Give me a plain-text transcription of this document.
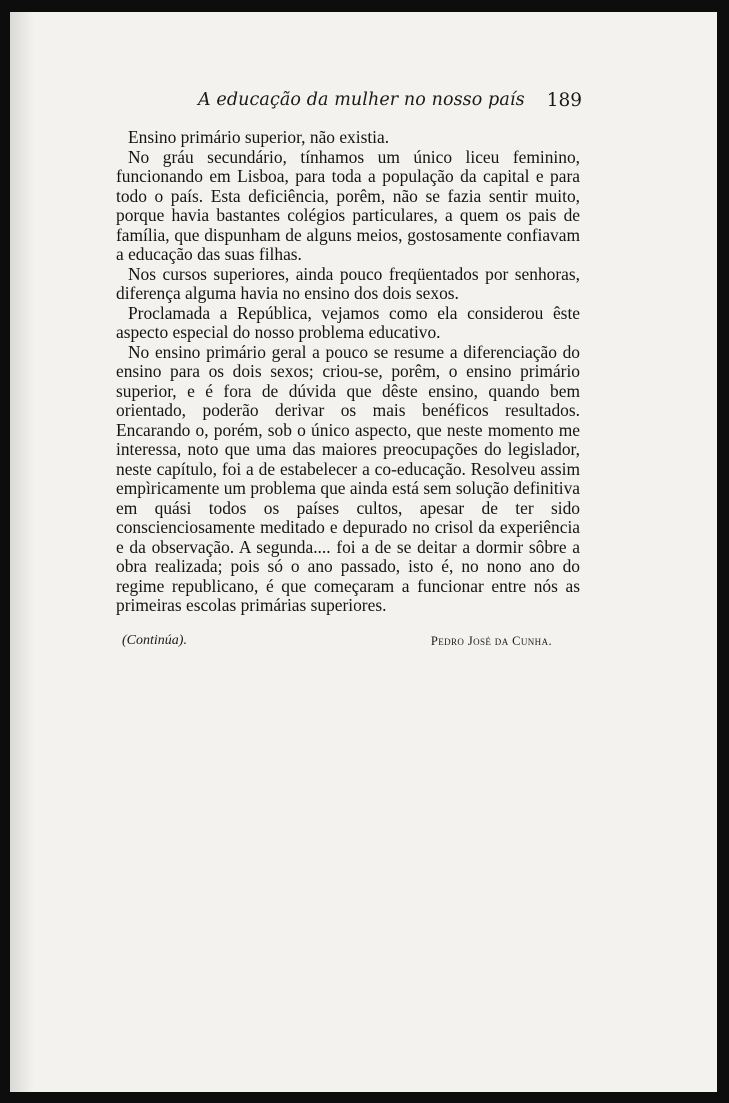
A educação da mulher no nosso país 189

Ensino primário superior, não existia.

No gráu secundário, tínhamos um único liceu feminino, funcionando em Lisboa, para toda a população da capital e para todo o país. Esta deficiência, porêm, não se fazia sentir muito, porque havia bastantes colégios particulares, a quem os pais de família, que dispunham de alguns meios, gostosamente confiavam a educação das suas filhas.

Nos cursos superiores, ainda pouco freqüentados por senhoras, diferença alguma havia no ensino dos dois sexos.

Proclamada a República, vejamos como ela considerou êste aspecto especial do nosso problema educativo.

No ensino primário geral a pouco se resume a diferenciação do ensino para os dois sexos; criou-se, porêm, o ensino primário superior, e é fora de dúvida que dêste ensino, quando bem orientado, poderão derivar os mais benéficos resultados. Encarando o, porém, sob o único aspecto, que neste momento me interessa, noto que uma das maiores preocupações do legislador, neste capítulo, foi a de estabelecer a co-educação. Resolveu assim empìricamente um problema que ainda está sem solução definitiva em quási todos os países cultos, apesar de ter sido conscienciosamente meditado e depurado no crisol da experiência e da observação. A segunda.... foi a de se deitar a dormir sôbre a obra realizada; pois só o ano passado, isto é, no nono ano do regime republicano, é que começaram a funcionar entre nós as primeiras escolas primárias superiores.

(Continúa).	Pedro José da Cunha.
